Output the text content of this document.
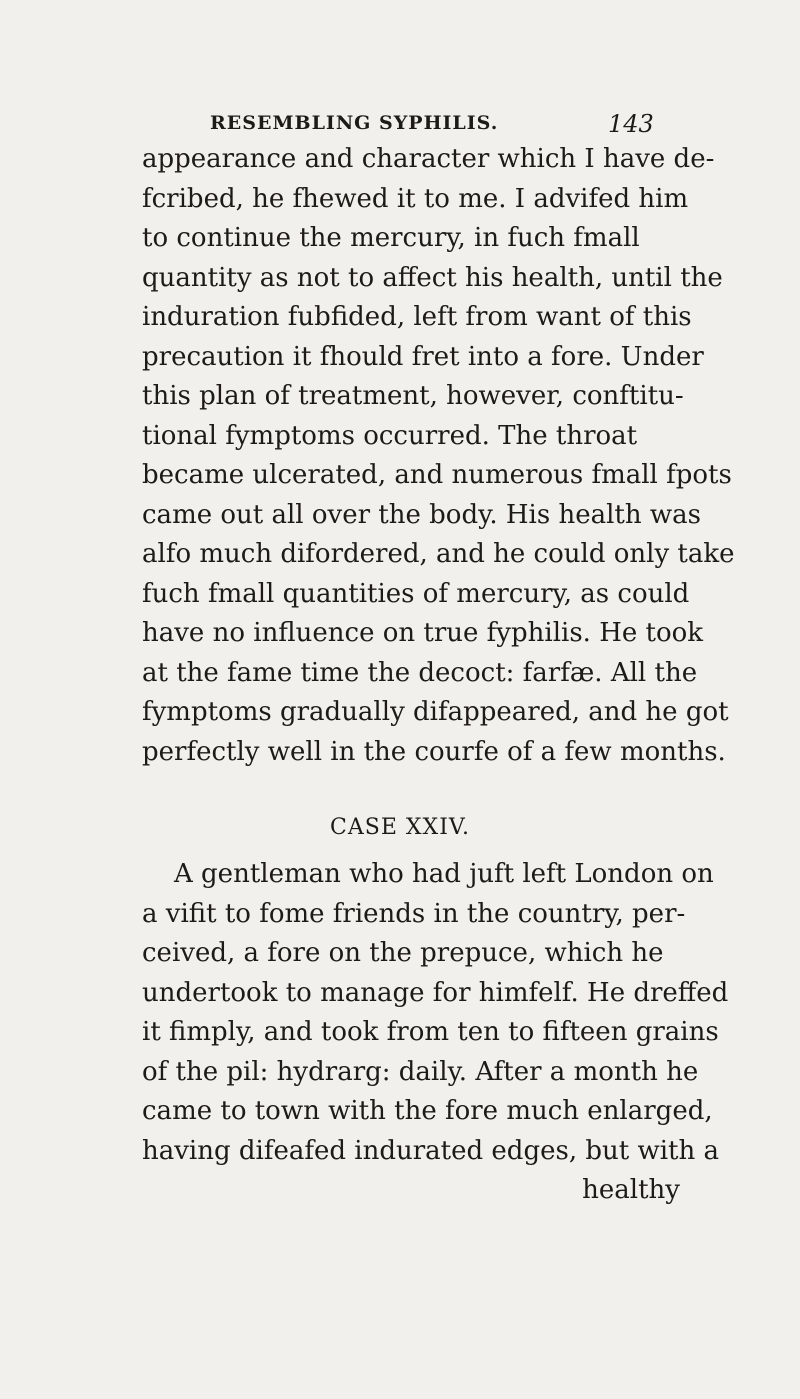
RESEMBLING SYPHILIS.	143
appearance and character which I have de-
fcribed, he fhewed it to me. I advifed him
to continue the mercury, in fuch fmall
quantity as not to affect his health, until the
induration fubfided, left from want of this
precaution it fhould fret into a fore. Under
this plan of treatment, however, conftitu-
tional fymptoms occurred. The throat
became ulcerated, and numerous fmall fpots
came out all over the body. His health was
alfo much difordered, and he could only take
fuch fmall quantities of mercury, as could
have no influence on true fyphilis. He took
at the fame time the decoct: farfæ. All the
fymptoms gradually difappeared, and he got
perfectly well in the courfe of a few months.
CASE XXIV.
A gentleman who had juft left London on
a vifit to fome friends in the country, per-
ceived, a fore on the prepuce, which he
undertook to manage for himfelf. He dreffed
it fimply, and took from ten to fifteen grains
of the pil: hydrarg: daily. After a month he
came to town with the fore much enlarged,
having difeafed indurated edges, but with a
healthy
